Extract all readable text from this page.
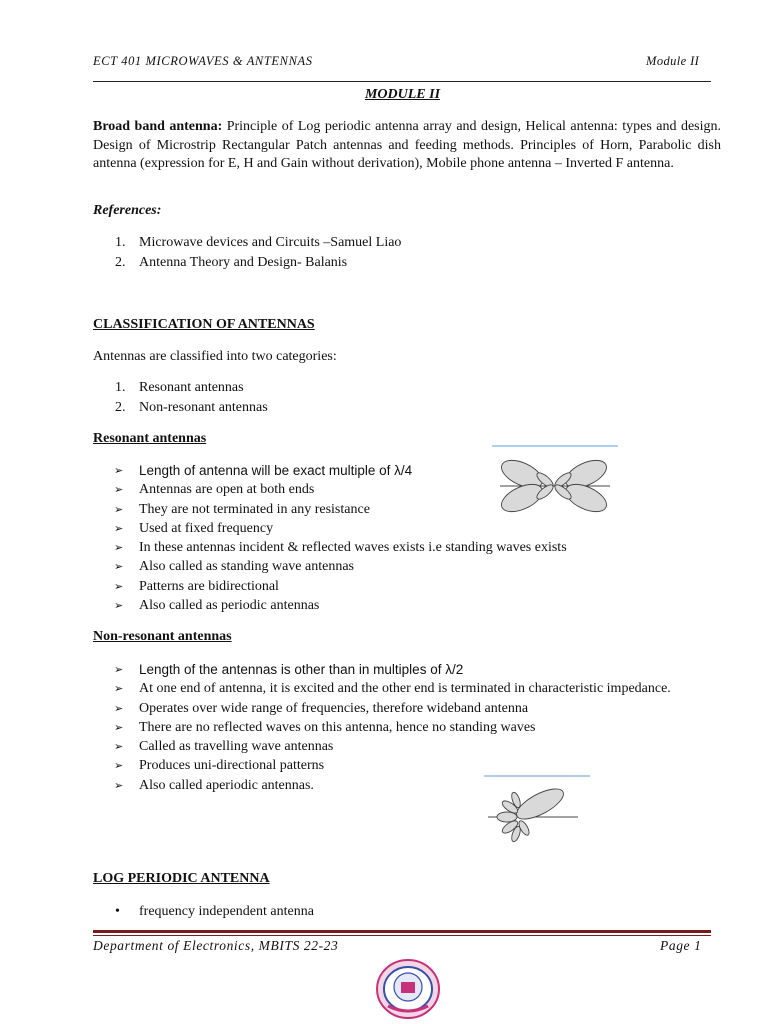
ECT 401 MICROWAVES & ANTENNAS	Module II
MODULE II
Broad band antenna: Principle of Log periodic antenna array and design, Helical antenna: types and design. Design of Microstrip Rectangular Patch antennas and feeding methods. Principles of Horn, Parabolic dish antenna (expression for E, H and Gain without derivation), Mobile phone antenna – Inverted F antenna.
References:
1. Microwave devices and Circuits –Samuel Liao
2. Antenna Theory and Design- Balanis
CLASSIFICATION OF ANTENNAS
Antennas are classified into two categories:
1. Resonant antennas
2. Non-resonant antennas
Resonant antennas
➢ Length of antenna will be exact multiple of λ/4
➢ Antennas are open at both ends
➢ They are not terminated in any resistance
➢ Used at fixed frequency
➢ In these antennas incident & reflected waves exists i.e standing waves exists
➢ Also called as standing wave antennas
➢ Patterns are bidirectional
➢ Also called as periodic antennas
Non-resonant antennas
➢ Length of the antennas is other than in multiples of λ/2
➢ At one end of antenna, it is excited and the other end is terminated in characteristic impedance.
➢ Operates over wide range of frequencies, therefore wideband antenna
➢ There are no reflected waves on this antenna, hence no standing waves
➢ Called as travelling wave antennas
➢ Produces uni-directional patterns
➢ Also called aperiodic antennas.
LOG PERIODIC ANTENNA
• frequency independent antenna
Department of Electronics, MBITS 22-23	Page 1
